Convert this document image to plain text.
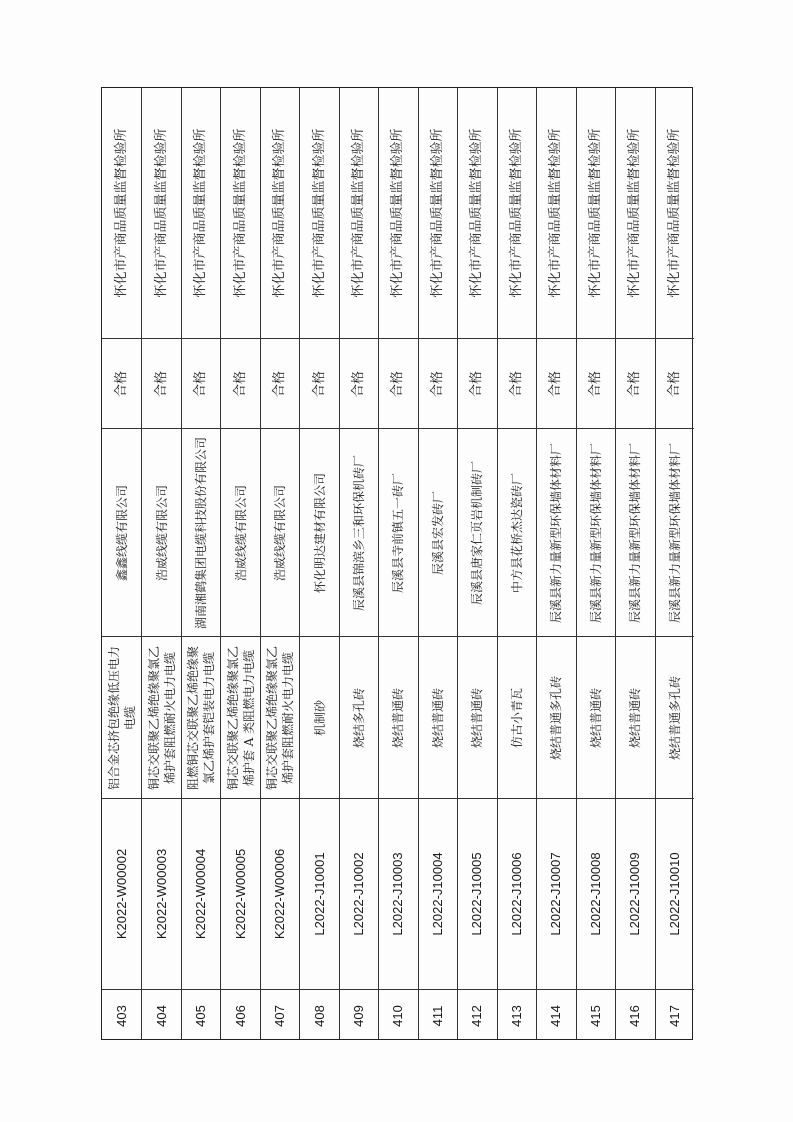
怀化市产商品质量监督检验所
合格
鑫鑫线缆有限公司
铝合金芯挤包绝缘低压电力电缆
K2022-W00002
403
怀化市产商品质量监督检验所
合格
浩威线缆有限公司
铜芯交联聚乙烯绝缘聚氯乙烯护套阻燃耐火电力电缆
K2022-W00003
404
怀化市产商品质量监督检验所
合格
湖南湘鹤集团电缆科技股份有限公司
阻燃铜芯交联聚乙烯绝缘聚氯乙烯护套铠装电力电缆
K2022-W00004
405
怀化市产商品质量监督检验所
合格
浩威线缆有限公司
铜芯交联聚乙烯绝缘聚氯乙烯护套 A 类阻燃电力电缆
K2022-W00005
406
怀化市产商品质量监督检验所
合格
浩威线缆有限公司
铜芯交联聚乙烯绝缘聚氯乙烯护套阻燃耐火电力电缆
K2022-W00006
407
怀化市产商品质量监督检验所
合格
怀化明达建材有限公司
机制砂
L2022-J10001
408
怀化市产商品质量监督检验所
合格
辰溪县锦滨乡三和环保机砖厂
烧结多孔砖
L2022-J10002
409
怀化市产商品质量监督检验所
合格
辰溪县寺前镇五一砖厂
烧结普通砖
L2022-J10003
410
怀化市产商品质量监督检验所
合格
辰溪县宏发砖厂
烧结普通砖
L2022-J10004
411
怀化市产商品质量监督检验所
合格
辰溪县唐家仁页岩机制砖厂
烧结普通砖
L2022-J10005
412
怀化市产商品质量监督检验所
合格
中方县花桥杰达瓷砖厂
仿古小青瓦
L2022-J10006
413
怀化市产商品质量监督检验所
合格
辰溪县新力量新型环保墙体材料厂
烧结普通多孔砖
L2022-J10007
414
怀化市产商品质量监督检验所
合格
辰溪县新力量新型环保墙体材料厂
烧结普通砖
L2022-J10008
415
怀化市产商品质量监督检验所
合格
辰溪县新力量新型环保墙体材料厂
烧结普通砖
L2022-J10009
416
怀化市产商品质量监督检验所
合格
辰溪县新力量新型环保墙体材料厂
烧结普通多孔砖
L2022-J10010
417
